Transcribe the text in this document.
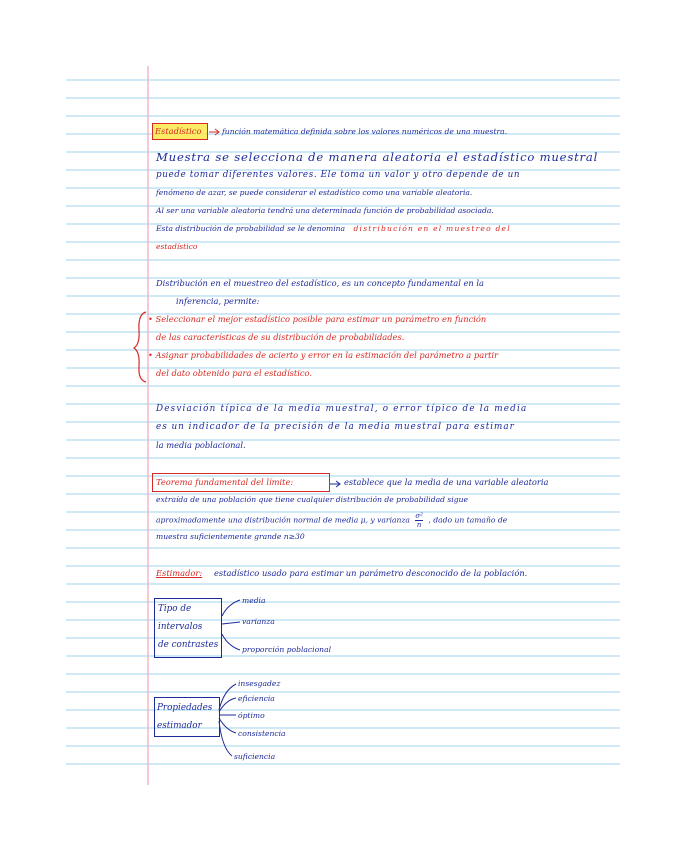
Estadístico	función matemática definida sobre los valores numéricos de una muestra.
Muestra se selecciona de manera aleatoria el estadístico muestral
puede tomar diferentes valores. Ele toma un valor y otro depende de un
fenómeno de azar, se puede considerar el estadístico como una variable aleatoria.
Al ser una variable aleatoria tendrá una determinada función de probabilidad asociada.
Esta distribución de probabilidad se le denomina distribución en el muestreo del
estadístico
Distribución en el muestreo del estadístico, es un concepto fundamental en la
inferencia, permite:
• Seleccionar el mejor estadístico posible para estimar un parámetro en función
de las características de su distribución de probabilidades.
• Asignar probabilidades de acierto y error en la estimación del parámetro a partir
del dato obtenido para el estadístico.
Desviación típica de la media muestral, o error típico de la media
es un indicador de la precisión de la media muestral para estimar
la media poblacional.
Teorema fundamental del límite:	establece que la media de una variable aleatoria
extraída de una población que tiene cualquier distribución de probabilidad sigue
aproximadamente una distribución normal de media μ, y varianza $\frac{\text{σ²}}{n}$ , dado un tamaño de
muestra suficientemente grande n≥30
Estimador: estadístico usado para estimar un parámetro desconocido de la población.
Tipo de
intervalos
de contrastes
media
varianza
proporción poblacional
Propiedades
estimador
insesgadez
eficiencia
óptimo
consistencia
suficiencia
